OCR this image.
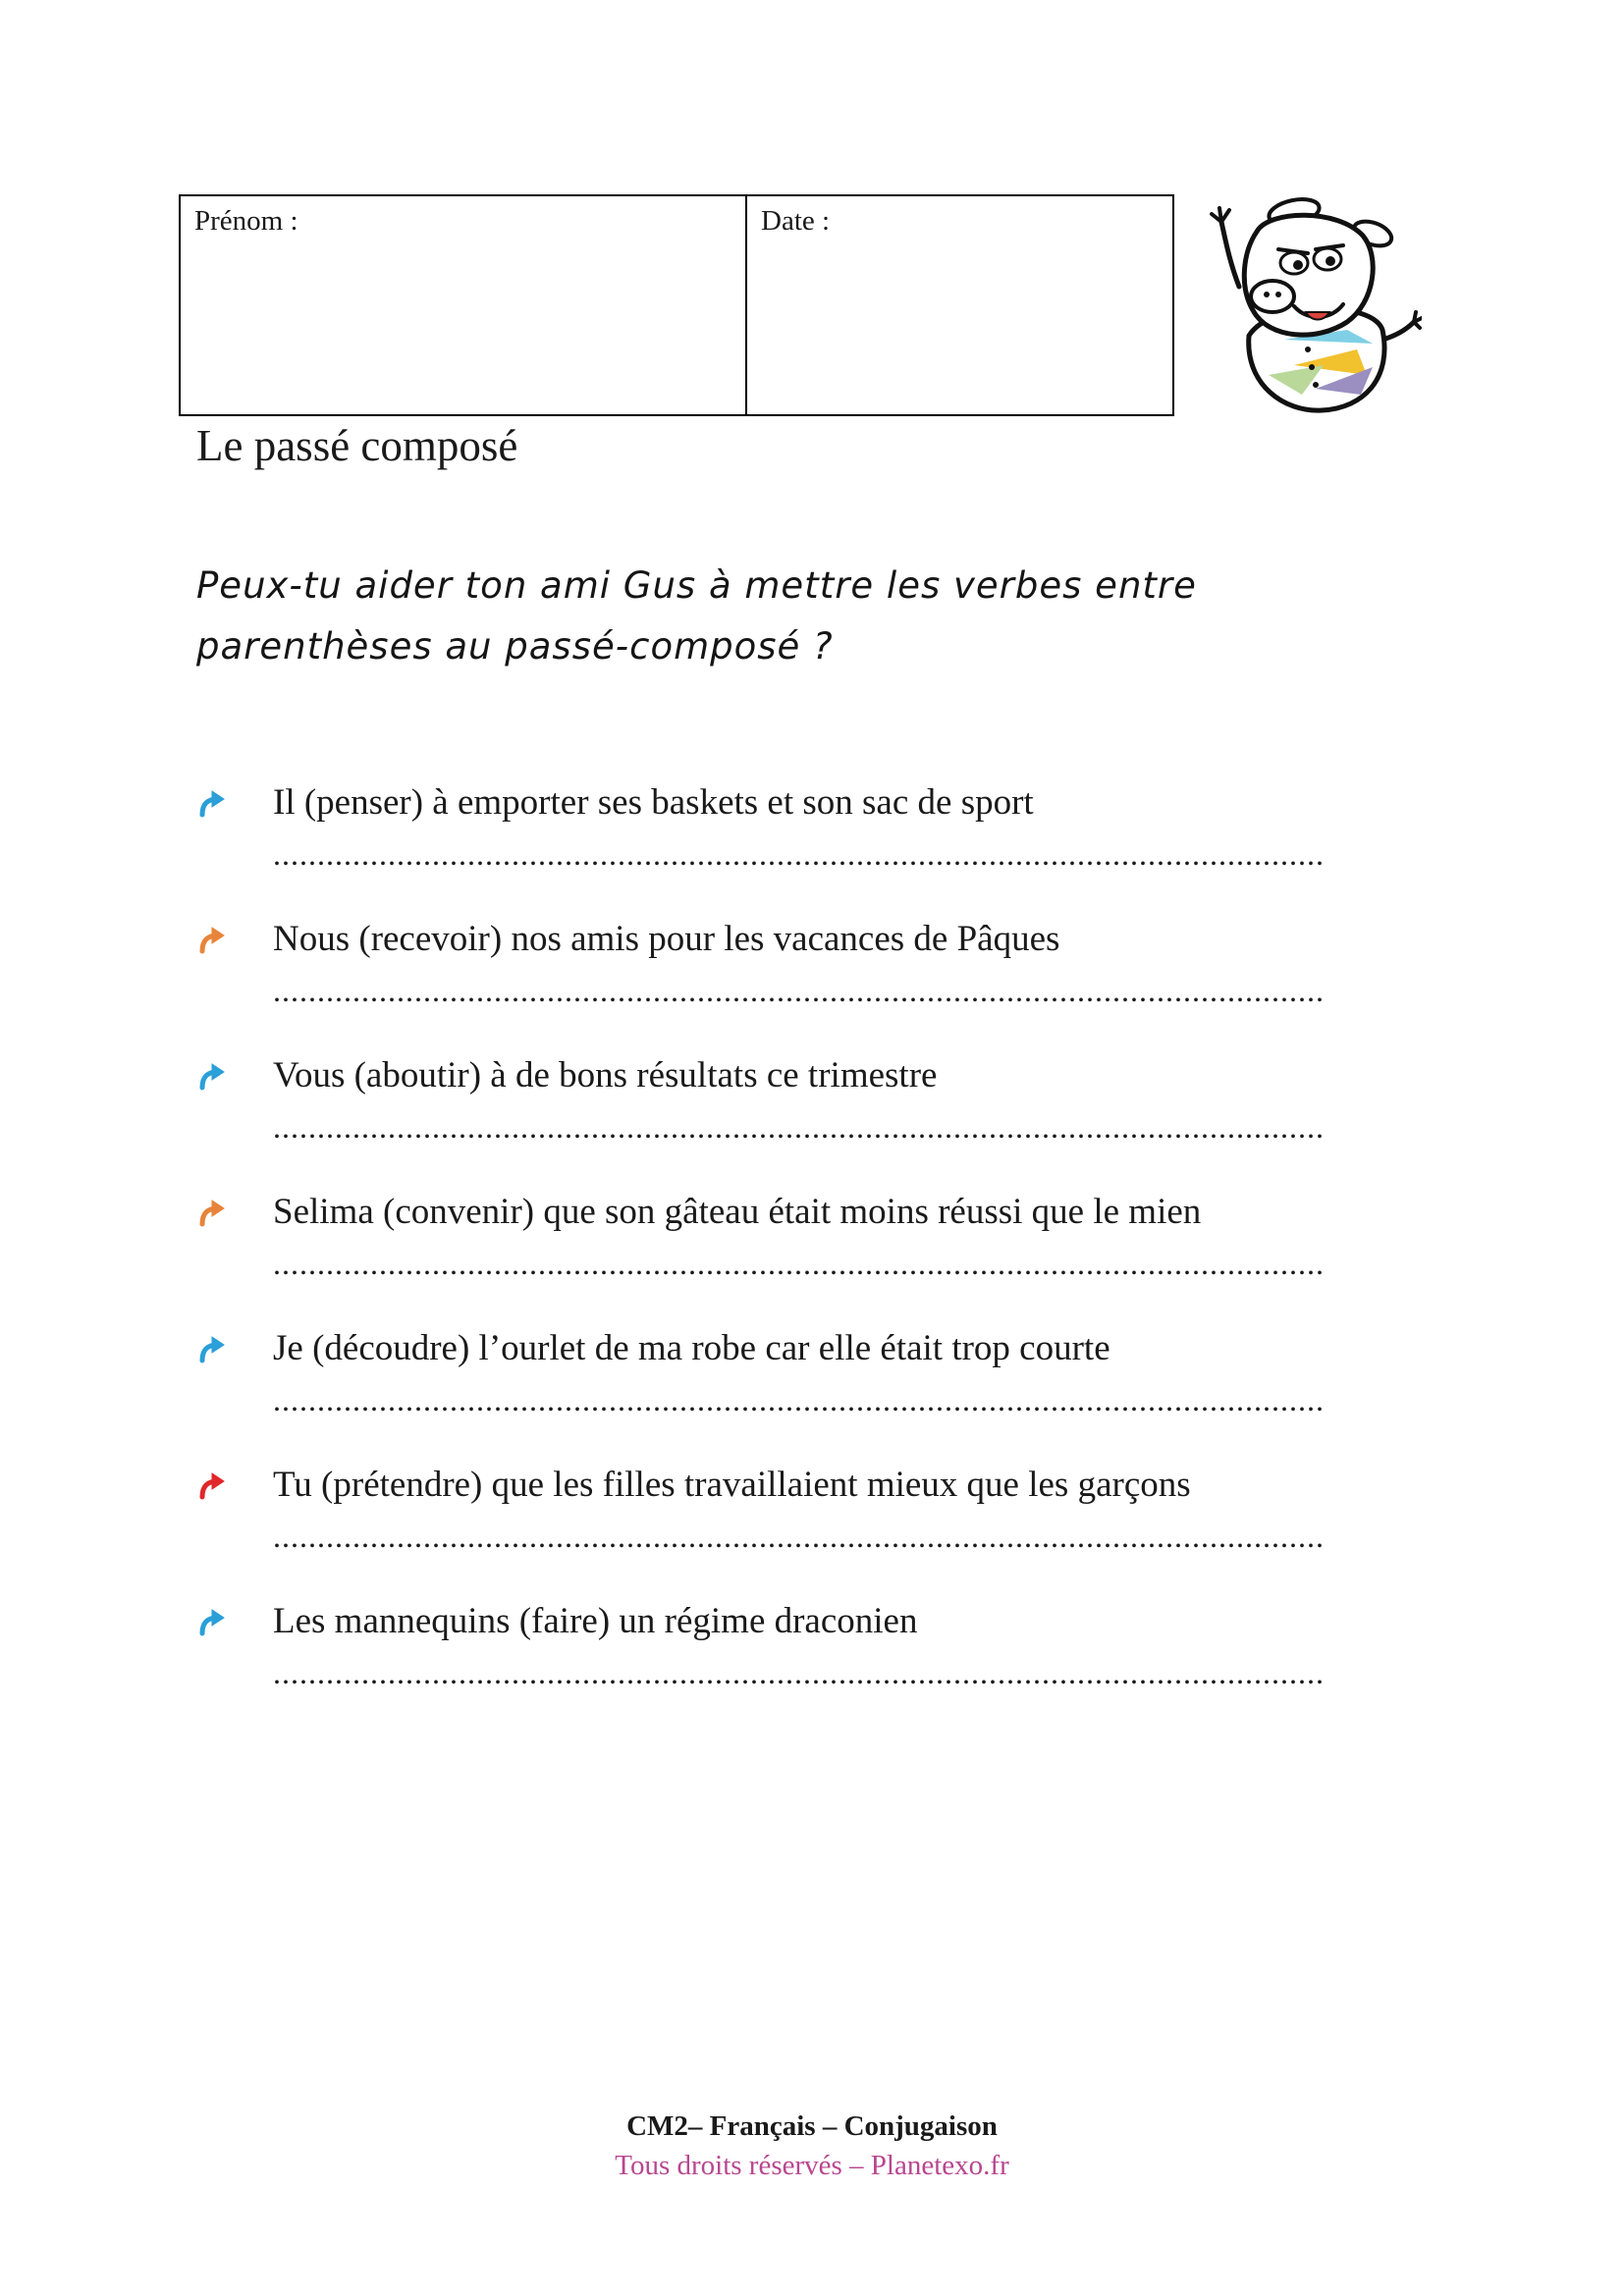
Prénom :	Date :
Le passé composé

Peux-tu aider ton ami Gus à mettre les verbes entre parenthèses au passé-composé ?

Il (penser) à emporter ses baskets et son sac de sport
.......................................................................................................................
Nous (recevoir) nos amis pour les vacances de Pâques
.......................................................................................................................
Vous (aboutir) à de bons résultats ce trimestre
.......................................................................................................................
Selima (convenir) que son gâteau était moins réussi que le mien
.......................................................................................................................
Je (découdre) l’ourlet de ma robe car elle était trop courte
.......................................................................................................................
Tu (prétendre) que les filles travaillaient mieux que les garçons
.......................................................................................................................
Les mannequins (faire) un régime draconien
.......................................................................................................................
CM2– Français – Conjugaison
Tous droits réservés – Planetexo.fr
